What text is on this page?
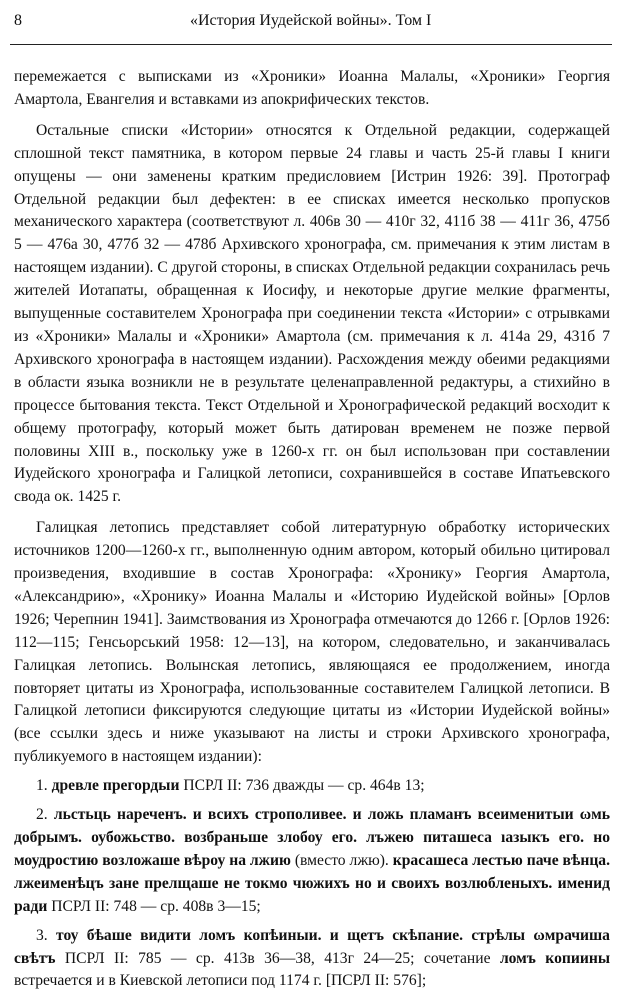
8	«История Иудейской войны». Том I

перемежается с выписками из «Хроники» Иоанна Малалы, «Хроники» Георгия Амартола, Евангелия и вставками из апокрифических текстов.

Остальные списки «Истории» относятся к Отдельной редакции, содержащей сплошной текст памятника, в котором первые 24 главы и часть 25-й главы I книги опущены — они заменены кратким предисловием [Истрин 1926: 39]. Протограф Отдельной редакции был дефектен: в ее списках имеется несколько пропусков механического характера (соответствуют л. 406в 30 — 410г 32, 411б 38 — 411г 36, 475б 5 — 476а 30, 477б 32 — 478б Архивского хронографа, см. примечания к этим листам в настоящем издании). С другой стороны, в списках Отдельной редакции сохранилась речь жителей Иотапаты, обращенная к Иосифу, и некоторые другие мелкие фрагменты, выпущенные составителем Хронографа при соединении текста «Истории» с отрывками из «Хроники» Малалы и «Хроники» Амартола (см. примечания к л. 414а 29, 431б 7 Архивского хронографа в настоящем издании). Расхождения между обеими редакциями в области языка возникли не в результате целенаправленной редактуры, а стихийно в процессе бытования текста. Текст Отдельной и Хронографической редакций восходит к общему протографу, который может быть датирован временем не позже первой половины XIII в., поскольку уже в 1260-х гг. он был использован при составлении Иудейского хронографа и Галицкой летописи, сохранившейся в составе Ипатьевского свода ок. 1425 г.

Галицкая летопись представляет собой литературную обработку исторических источников 1200—1260-х гг., выполненную одним автором, который обильно цитировал произведения, входившие в состав Хронографа: «Хронику» Георгия Амартола, «Александрию», «Хронику» Иоанна Малалы и «Историю Иудейской войны» [Орлов 1926; Черепнин 1941]. Заимствования из Хронографа отмечаются до 1266 г. [Орлов 1926: 112—115; Генсьорський 1958: 12—13], на котором, следовательно, и заканчивалась Галицкая летопись. Волынская летопись, являющаяся ее продолжением, иногда повторяет цитаты из Хронографа, использованные составителем Галицкой летописи. В Галицкой летописи фиксируются следующие цитаты из «Истории Иудейской войны» (все ссылки здесь и ниже указывают на листы и строки Архивского хронографа, публикуемого в настоящем издании):

1. древле прегордыи ПСРЛ II: 736 дважды — ср. 464в 13;

2. льстьць нареченъ. и всихъ строполивее. и ложь пламанъ всеименитыи ωмь добрымъ. оубожьство. возбраньше злобоу его. лъжею питашеса ıазыкъ его. но моудростию возложаше вѣроу на лжию (вместо лжю). красашеса лестью паче вѣнца. лжеименѣцъ зане прелщаше не токмо чюжихъ но и своихъ возлюбленыхъ. именид ради ПСРЛ II: 748 — ср. 408в 3—15;

3. тоу бѣаше видити ломъ копѣиныи. и щетъ скѣпание. стрѣлы ωмрачиша свѣтъ ПСРЛ II: 785 — ср. 413в 36—38, 413г 24—25; сочетание ломъ копиины встречается и в Киевской летописи под 1174 г. [ПСРЛ II: 576];
